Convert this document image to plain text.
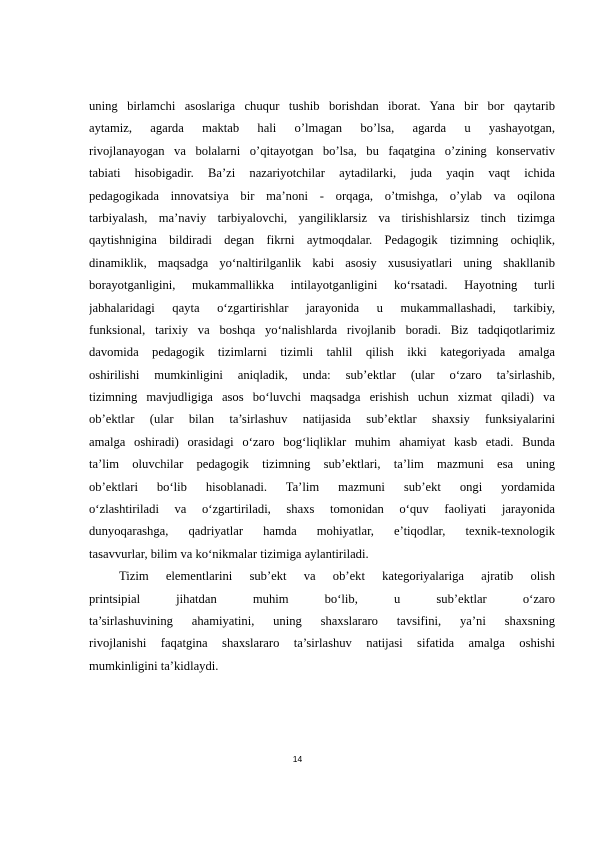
uning birlamchi asoslariga chuqur tushib borishdan iborat. Yana bir bor qaytarib
aytamiz, agarda maktab hali o’lmagan bo’lsa, agarda u yashayotgan,
rivojlanayogan va bolalarni o’qitayotgan bo’lsa, bu faqatgina o’zining konservativ
tabiati hisobigadir. Ba’zi nazariyotchilar aytadilarki, juda yaqin vaqt ichida
pedagogikada innovatsiya bir ma’noni - orqaga, o’tmishga, o’ylab va oqilona
tarbiyalash, ma’naviy tarbiyalovchi, yangiliklarsiz va tirishishlarsiz tinch tizimga
qaytishnigina bildiradi degan fikrni aytmoqdalar. Pedagogik tizimning ochiqlik,
dinamiklik, maqsadga yo‘naltirilganlik kabi asosiy xususiyatlari uning shakllanib
borayotganligini, mukammallikka intilayotganligini ko‘rsatadi. Hayotning turli
jabhalaridagi qayta o‘zgartirishlar jarayonida u mukammallashadi, tarkibiy,
funksional, tarixiy va boshqa yo‘nalishlarda rivojlanib boradi. Biz tadqiqotlarimiz
davomida pedagogik tizimlarni tizimli tahlil qilish ikki kategoriyada amalga
oshirilishi mumkinligini aniqladik, unda: sub’ektlar (ular o‘zaro ta’sirlashib,
tizimning mavjudligiga asos bo‘luvchi maqsadga erishish uchun xizmat qiladi) va
ob’ektlar (ular bilan ta’sirlashuv natijasida sub’ektlar shaxsiy funksiyalarini
amalga oshiradi) orasidagi o‘zaro bog‘liqliklar muhim ahamiyat kasb etadi. Bunda
ta’lim oluvchilar pedagogik tizimning sub’ektlari, ta’lim mazmuni esa uning
ob’ektlari bo‘lib hisoblanadi. Ta’lim mazmuni sub’ekt ongi yordamida
o‘zlashtiriladi va o‘zgartiriladi, shaxs tomonidan o‘quv faoliyati jarayonida
dunyoqarashga, qadriyatlar hamda mohiyatlar, e’tiqodlar, texnik-texnologik
tasavvurlar, bilim va ko‘nikmalar tizimiga aylantiriladi.
Tizim elementlarini sub’ekt va ob’ekt kategoriyalariga ajratib olish
printsipial jihatdan muhim bo‘lib, u sub’ektlar o‘zaro
ta’sirlashuvining ahamiyatini, uning shaxslararo tavsifini, ya’ni shaxsning
rivojlanishi faqatgina shaxslararo ta’sirlashuv natijasi sifatida amalga oshishi
mumkinligini ta’kidlaydi.
14
